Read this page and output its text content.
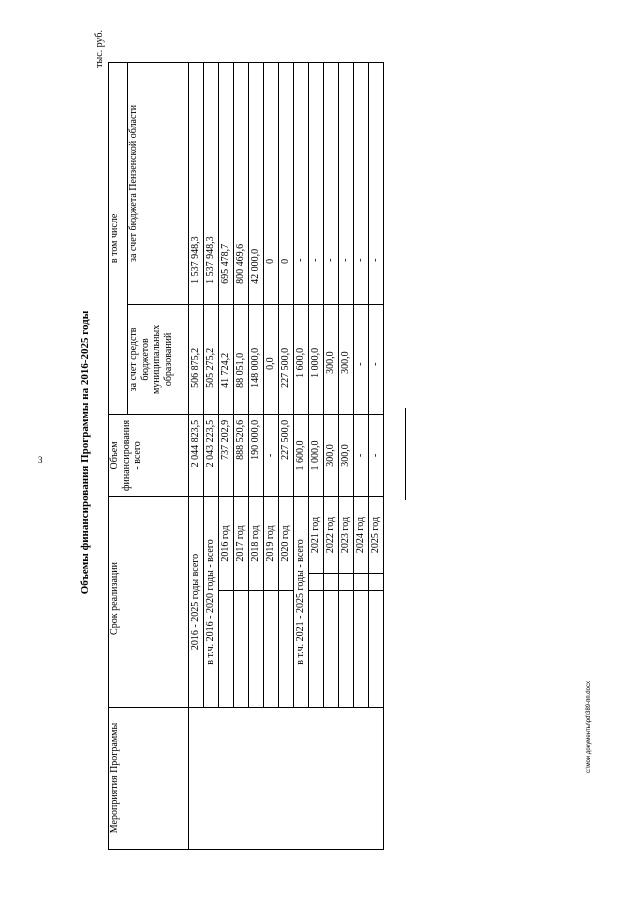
3	Объемы финансирования Программы на 2016-2025 годы
тыс. руб.
Мероприятия Программы	Срок реализации			Объем финансирования - всего	в том числе	
					за счет средств бюджетов муниципальных образований	за счет бюджета Пензенской области
	2016 - 2025 годы всего			2 044 823,5	506 875,2	1 537 948,3
	в т.ч. 2016 - 2020 годы - всего			2 043 223,5	505 275,2	1 537 948,3
		2016 год		737 202,9	41 724,2	695 478,7
		2017 год		888 520,6	88 051,0	800 469,6
		2018 год		190 000,0	148 000,0	42 000,0
		2019 год		-	0,0	0
		2020 год		227 500,0	227 500,0	0
	в т.ч. 2021 - 2025 годы - всего			1 600,0	1 600,0	-
			2021 год	1 000,0	1 000,0	-
			2022 год	300,0	300,0	-
			2023 год	300,0	300,0	-
			2024 год	-	-	-
			2025 год	-	-	-
c:\мои документы\рd\389-пп.docx
